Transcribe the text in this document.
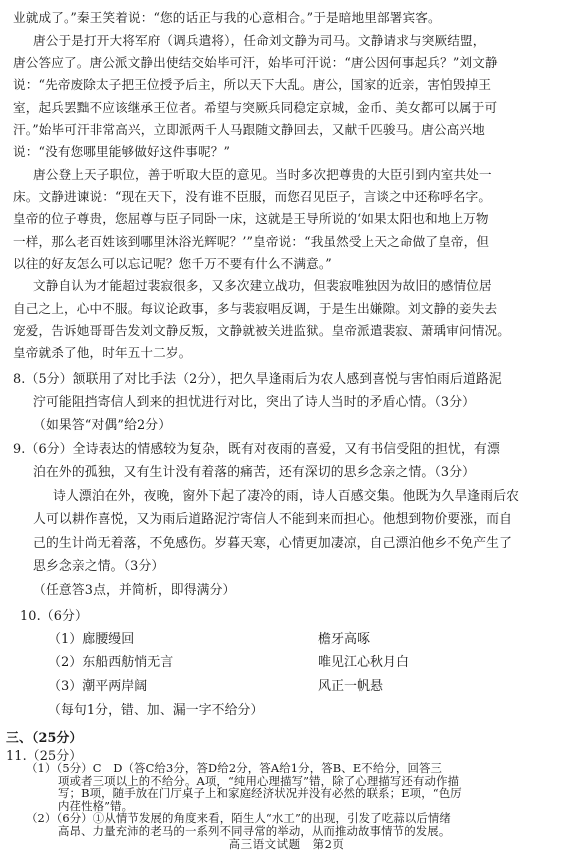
业就成了。”秦王笑着说：“您的话正与我的心意相合。”于是暗地里部署宾客。
唐公于是打开大将军府（调兵遣将），任命刘文静为司马。文静请求与突厥结盟，
唐公答应了。唐公派文静出使结交始毕可汗，始毕可汗说：“唐公因何事起兵？”刘文静
说：“先帝废除太子把王位授予后主，所以天下大乱。唐公，国家的近亲，害怕毁掉王
室，起兵罢黜不应该继承王位者。希望与突厥兵同稳定京城，金币、美女都可以属于可
汗。”始毕可汗非常高兴，立即派两千人马跟随文静回去，又献千匹骏马。唐公高兴地
说：“没有您哪里能够做好这件事呢？”
唐公登上天子职位，善于听取大臣的意见。当时多次把尊贵的大臣引到内室共处一
床。文静进谏说：“现在天下，没有谁不臣服，而您召见臣子，言谈之中还称呼名字。
皇帝的位子尊贵，您屈尊与臣子同卧一床，这就是王导所说的‘如果太阳也和地上万物
一样，那么老百姓该到哪里沐浴光辉呢？’”皇帝说：“我虽然受上天之命做了皇帝，但
以往的好友怎么可以忘记呢？您千万不要有什么不满意。”
文静自认为才能超过裴寂很多，又多次建立战功，但裴寂唯独因为故旧的感情位居
自己之上，心中不服。每议论政事，多与裴寂唱反调，于是生出嫌隙。刘文静的妾失去
宠爱，告诉她哥哥告发刘文静反叛，文静就被关进监狱。皇帝派遣裴寂、萧瑀审问情况。
皇帝就杀了他，时年五十二岁。
8.（5分）颔联用了对比手法（2分），把久旱逢雨后为农人感到喜悦与害怕雨后道路泥
泞可能阻挡寄信人到来的担忧进行对比，突出了诗人当时的矛盾心情。（3分）
（如果答“对偶”给2分）
9.（6分）全诗表达的情感较为复杂，既有对夜雨的喜爱，又有书信受阻的担忧，有漂
泊在外的孤独，又有生计没有着落的痛苦，还有深切的思乡念亲之情。（3分）
诗人漂泊在外，夜晚，窗外下起了凄冷的雨，诗人百感交集。他既为久旱逢雨后农
人可以耕作喜悦，又为雨后道路泥泞寄信人不能到来而担心。他想到物价要涨，而自
己的生计尚无着落，不免感伤。岁暮天寒，心情更加凄凉，自己漂泊他乡不免产生了
思乡念亲之情。（3分）
（任意答3点，并简析，即得满分）
10.（6分）
（1）廊腰缦回	檐牙高啄
（2）东船西舫悄无言	唯见江心秋月白
（3）潮平两岸阔	风正一帆悬
（每句1分，错、加、漏一字不给分）
三、（25分）
11.（25分）
高三语文试题　第2页
（1）（5分）C　D（答C给3分，答D给2分，答A给1分，答B、E不给分，回答三
项或者三项以上的不给分。A项，“纯用心理描写”错，除了心理描写还有动作描
写；B项，随手放在门厅桌子上和家庭经济状况并没有必然的联系；E项，“色厉
内荏性格”错。
（2）（6分）①从情节发展的角度来看，陌生人“水工”的出现，引发了吃蒜以后情绪
高昂、力量充沛的老马的一系列不同寻常的举动，从而推动故事情节的发展。
